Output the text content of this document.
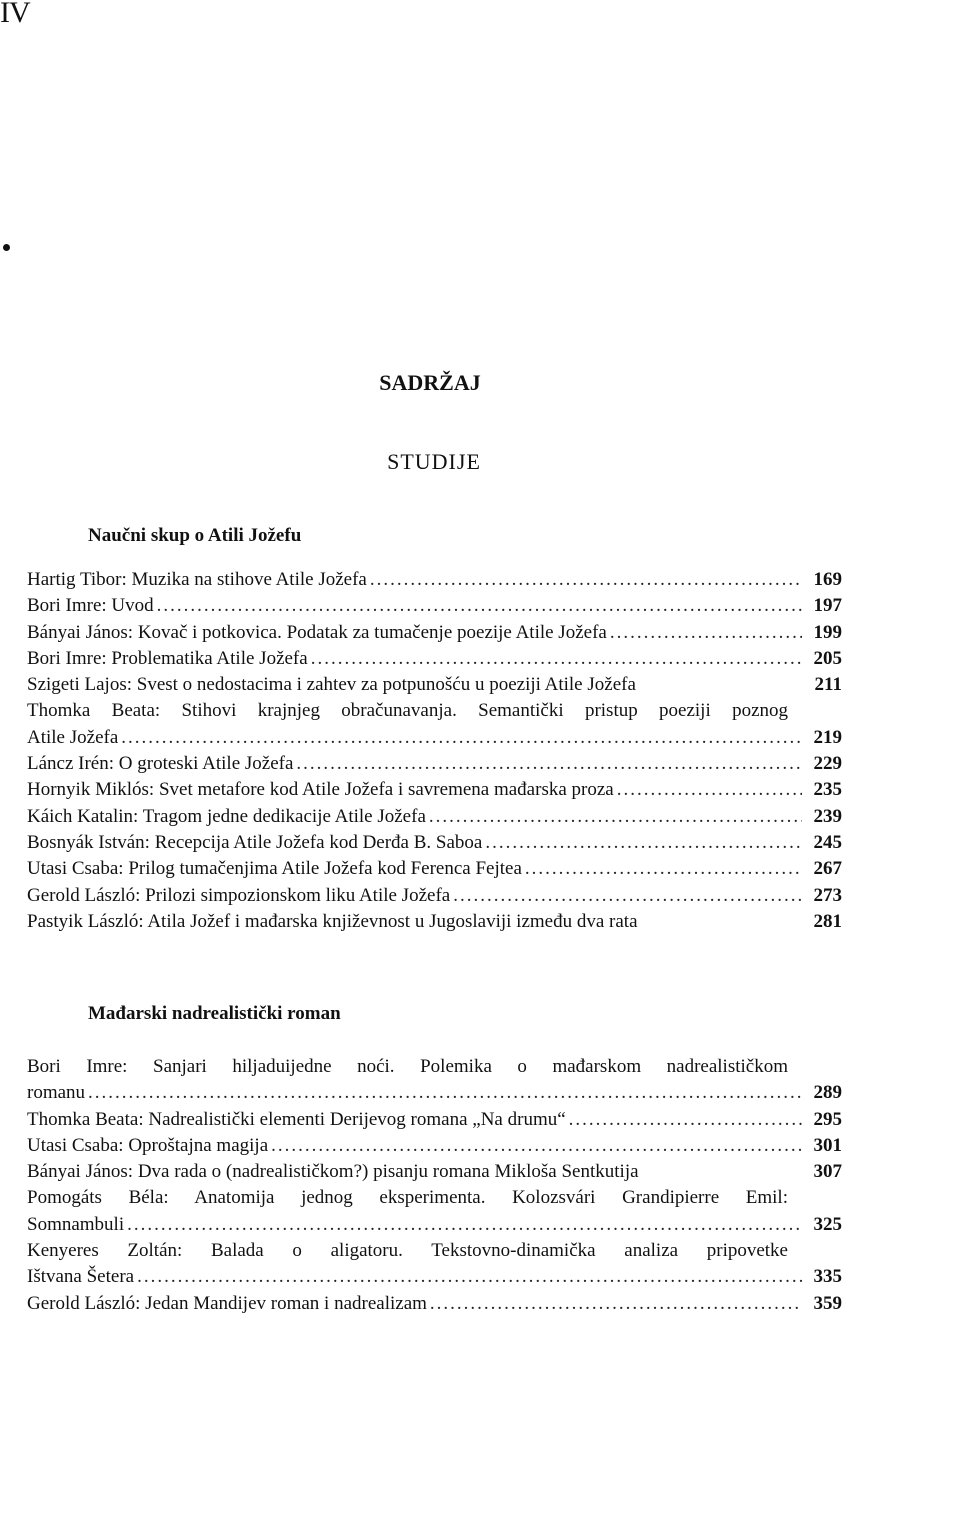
IV
SADRŽAJ
STUDIJE
Naučni skup o Atili Jožefu
Hartig Tibor: Muzika na stihove Atile Jožefa .....	169
Bori Imre: Uvod .....	197
Bányai János: Kovač i potkovica. Podatak za tumačenje poezije Atile Jožefa .....	199
Bori Imre: Problematika Atile Jožefa .....	205
Szigeti Lajos: Svest o nedostacima i zahtev za potpunošću u poeziji Atile Jožefa	211
Thomka Beata: Stihovi krajnjeg obračunavanja. Semantički pristup poeziji poznog
Atile Jožefa .....	219
Láncz Irén: O groteski Atile Jožefa .....	229
Hornyik Miklós: Svet metafore kod Atile Jožefa i savremena mađarska proza .....	235
Káich Katalin: Tragom jedne dedikacije Atile Jožefa .....	239
Bosnyák István: Recepcija Atile Jožefa kod Derđa B. Saboa .....	245
Utasi Csaba: Prilog tumačenjima Atile Jožefa kod Ferenca Fejtea .....	267
Gerold László: Prilozi simpozionskom liku Atile Jožefa .....	273
Pastyik László: Atila Jožef i mađarska književnost u Jugoslaviji između dva rata	281
Mađarski nadrealistički roman
Bori Imre: Sanjari hiljaduijedne noći. Polemika o mađarskom nadrealističkom
romanu .....	289
Thomka Beata: Nadrealistički elementi Derijevog romana „Na drumu“ .....	295
Utasi Csaba: Oproštajna magija .....	301
Bányai János: Dva rada o (nadrealističkom?) pisanju romana Mikloša Sentkutija	307
Pomogáts Béla: Anatomija jednog eksperimenta. Kolozsvári Grandipierre Emil:
Somnambuli .....	325
Kenyeres Zoltán: Balada o aligatoru. Tekstovno-dinamička analiza pripovetke
Ištvana Šetera .....	335
Gerold László: Jedan Mandijev roman i nadrealizam .....	359
